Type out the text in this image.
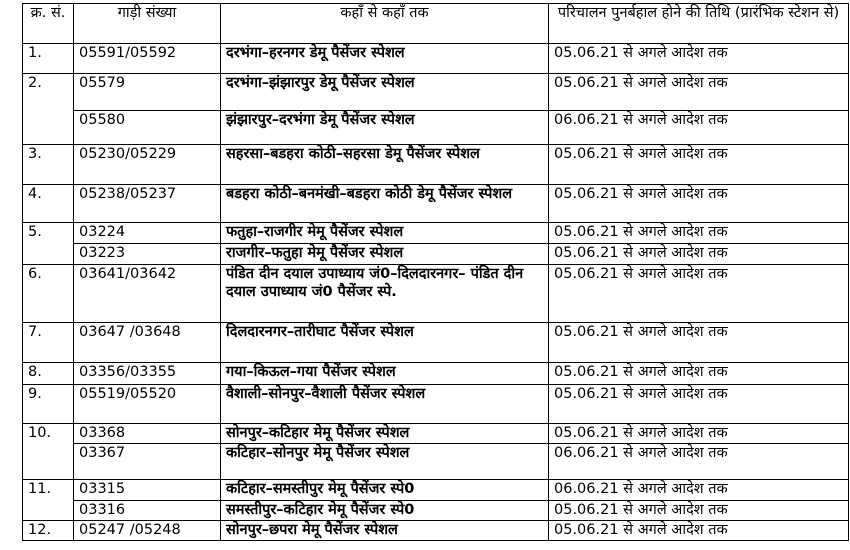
क्र. सं.	गाड़ी संख्या	कहाँ से कहाँ तक	परिचालन पुनर्बहाल होने की तिथि (प्रारंभिक स्टेशन से)
1.	05591/05592	दरभंगा–हरनगर डेमू पैसेंजर स्पेशल	05.06.21 से अगले आदेश तक
2.	05579	दरभंगा–झंझारपुर डेमू पैसेंजर स्पेशल	05.06.21 से अगले आदेश तक
	05580	झंझारपुर–दरभंगा डेमू पैसेंजर स्पेशल	06.06.21 से अगले आदेश तक
3.	05230/05229	सहरसा–बडहरा कोठी–सहरसा डेमू पैसेंजर स्पेशल	05.06.21 से अगले आदेश तक
4.	05238/05237	बडहरा कोठी–बनमंखी–बडहरा कोठी डेमू पैसेंजर स्पेशल	05.06.21 से अगले आदेश तक
5.	03224	फतुहा–राजगीर मेमू पैसेंजर स्पेशल	05.06.21 से अगले आदेश तक
	03223	राजगीर–फतुहा मेमू पैसेंजर स्पेशल	05.06.21 से अगले आदेश तक
6.	03641/03642	पंडित दीन दयाल उपाध्याय जं0–दिलदारनगर– पंडित दीन दयाल उपाध्याय जं0 पैसेंजर स्पे.	05.06.21 से अगले आदेश तक
7.	03647 /03648	दिलदारनगर–तारीघाट पैसेंजर स्पेशल	05.06.21 से अगले आदेश तक
8.	03356/03355	गया–किऊल–गया पैसेंजर स्पेशल	05.06.21 से अगले आदेश तक
9.	05519/05520	वैशाली–सोनपुर–वैशाली पैसेंजर स्पेशल	05.06.21 से अगले आदेश तक
10.	03368	सोनपुर–कटिहार मेमू पैसेंजर स्पेशल	05.06.21 से अगले आदेश तक
	03367	कटिहार–सोनपुर मेमू पैसेंजर स्पेशल	06.06.21 से अगले आदेश तक
11.	03315	कटिहार–समस्तीपुर मेमू पैसेंजर स्पे0	06.06.21 से अगले आदेश तक
	03316	समस्तीपुर–कटिहार मेमू पैसेंजर स्पे0	05.06.21 से अगले आदेश तक
12.	05247 /05248	सोनपुर–छपरा मेमू पैसेंजर स्पेशल	05.06.21 से अगले आदेश तक
